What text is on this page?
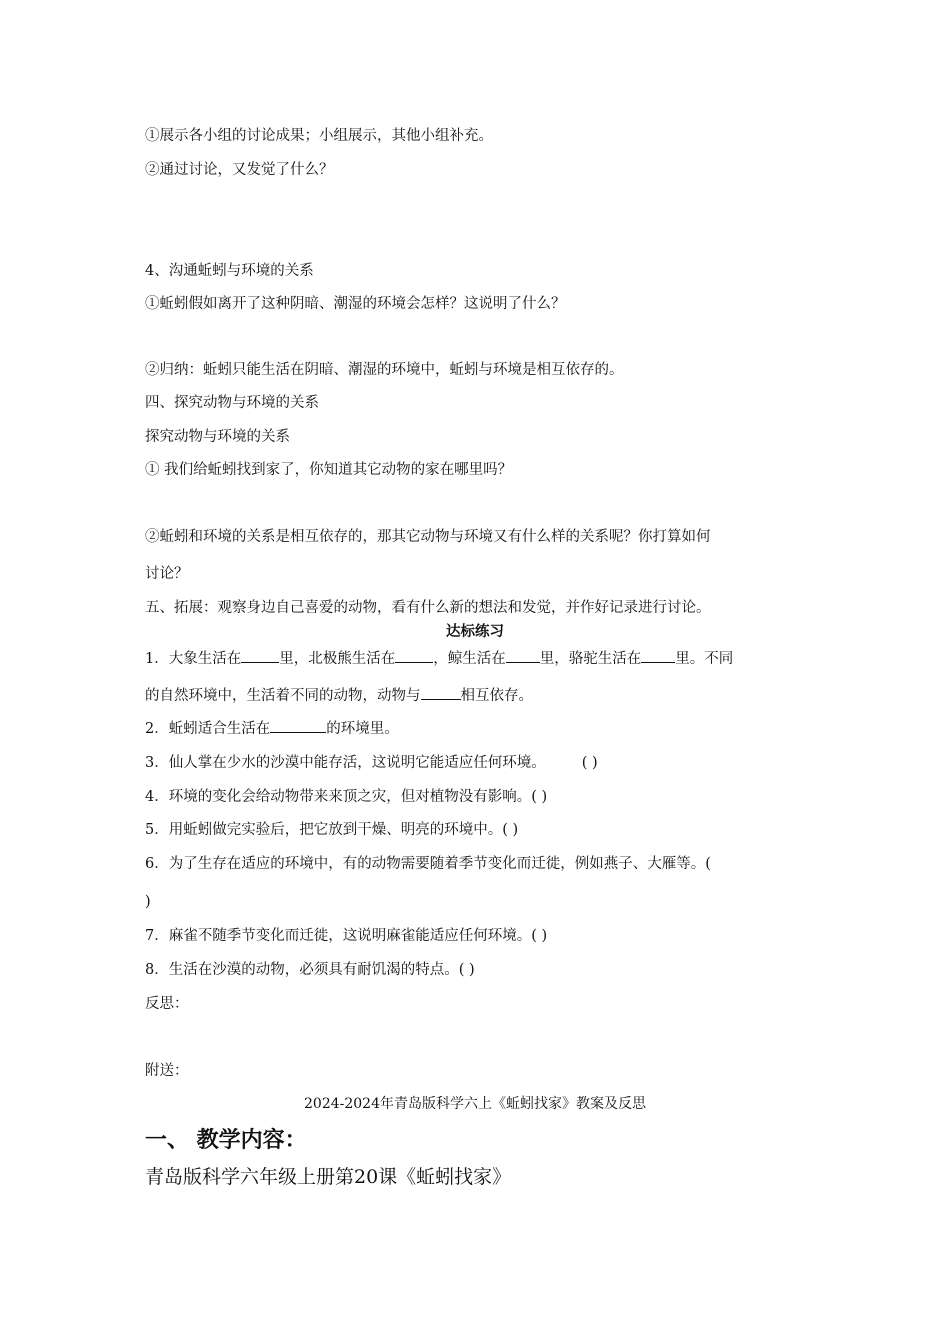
①展示各小组的讨论成果；小组展示，其他小组补充。

②通过讨论，又发觉了什么？

4、沟通蚯蚓与环境的关系

①蚯蚓假如离开了这种阴暗、潮湿的环境会怎样？这说明了什么？

②归纳：蚯蚓只能生活在阴暗、潮湿的环境中，蚯蚓与环境是相互依存的。

四、探究动物与环境的关系

探究动物与环境的关系

① 我们给蚯蚓找到家了，你知道其它动物的家在哪里吗？

②蚯蚓和环境的关系是相互依存的，那其它动物与环境又有什么样的关系呢？你打算如何

讨论？

五、拓展：观察身边自己喜爱的动物，看有什么新的想法和发觉，并作好记录进行讨论。

达标练习

1．大象生活在	里，北极熊生活在	，鲸生活在 里，骆驼生活在 里。不同

的自然环境中，生活着不同的动物，动物与	相互依存。

2．蚯蚓适合生活在	的环境里。

3．仙人掌在少水的沙漠中能存活，这说明它能适应任何环境。 ( )

4．环境的变化会给动物带来来顶之灾，但对植物没有影响。( )

5．用蚯蚓做完实验后，把它放到干燥、明亮的环境中。( )

6．为了生存在适应的环境中，有的动物需要随着季节变化而迁徙，例如燕子、大雁等。(

)

7．麻雀不随季节变化而迁徙，这说明麻雀能适应任何环境。( )

8．生活在沙漠的动物，必须具有耐饥渴的特点。( )

反思：

附送：

2024-2024年青岛版科学六上《蚯蚓找家》教案及反思

一、 教学内容：

青岛版科学六年级上册第20课《蚯蚓找家》
